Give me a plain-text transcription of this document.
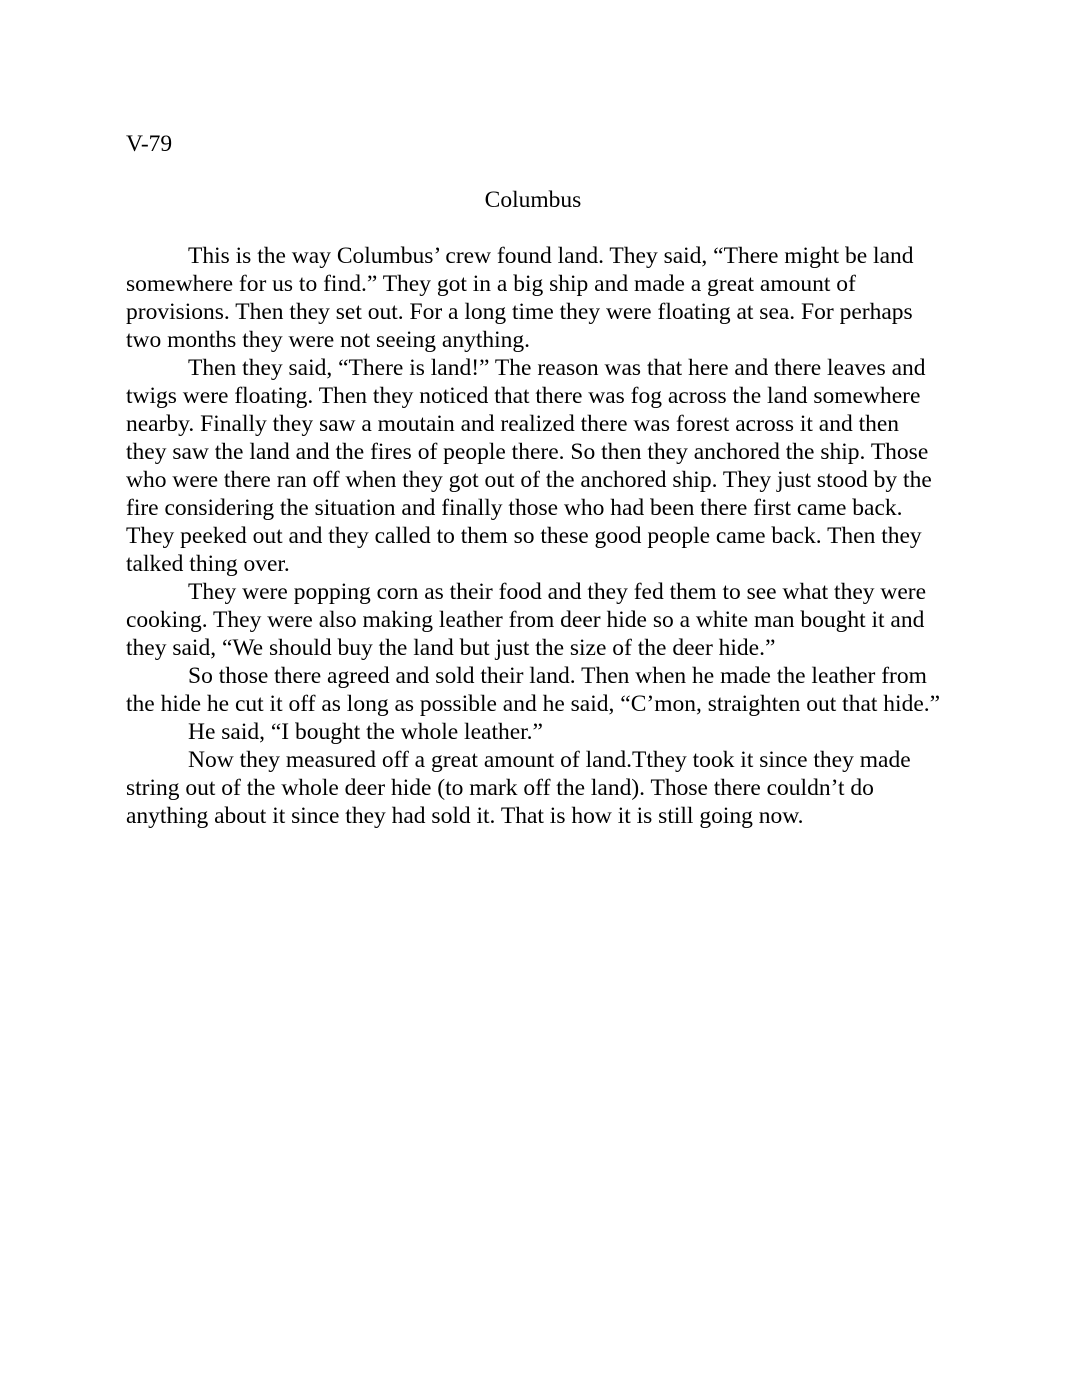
V-79
Columbus

This is the way Columbus’ crew found land. They said, “There might be land somewhere for us to find.” They got in a big ship and made a great amount of provisions. Then they set out. For a long time they were floating at sea. For perhaps two months they were not seeing anything.

Then they said, “There is land!” The reason was that here and there leaves and twigs were floating. Then they noticed that there was fog across the land somewhere nearby. Finally they saw a moutain and realized there was forest across it and then they saw the land and the fires of people there. So then they anchored the ship. Those who were there ran off when they got out of the anchored ship. They just stood by the fire considering the situation and finally those who had been there first came back. They peeked out and they called to them so these good people came back. Then they talked thing over.

They were popping corn as their food and they fed them to see what they were cooking. They were also making leather from deer hide so a white man bought it and they said, “We should buy the land but just the size of the deer hide.”

So those there agreed and sold their land. Then when he made the leather from the hide he cut it off as long as possible and he said, “C’mon, straighten out that hide.”

He said, “I bought the whole leather.”

Now they measured off a great amount of land.Tthey took it since they made string out of the whole deer hide (to mark off the land). Those there couldn’t do anything about it since they had sold it. That is how it is still going now.
